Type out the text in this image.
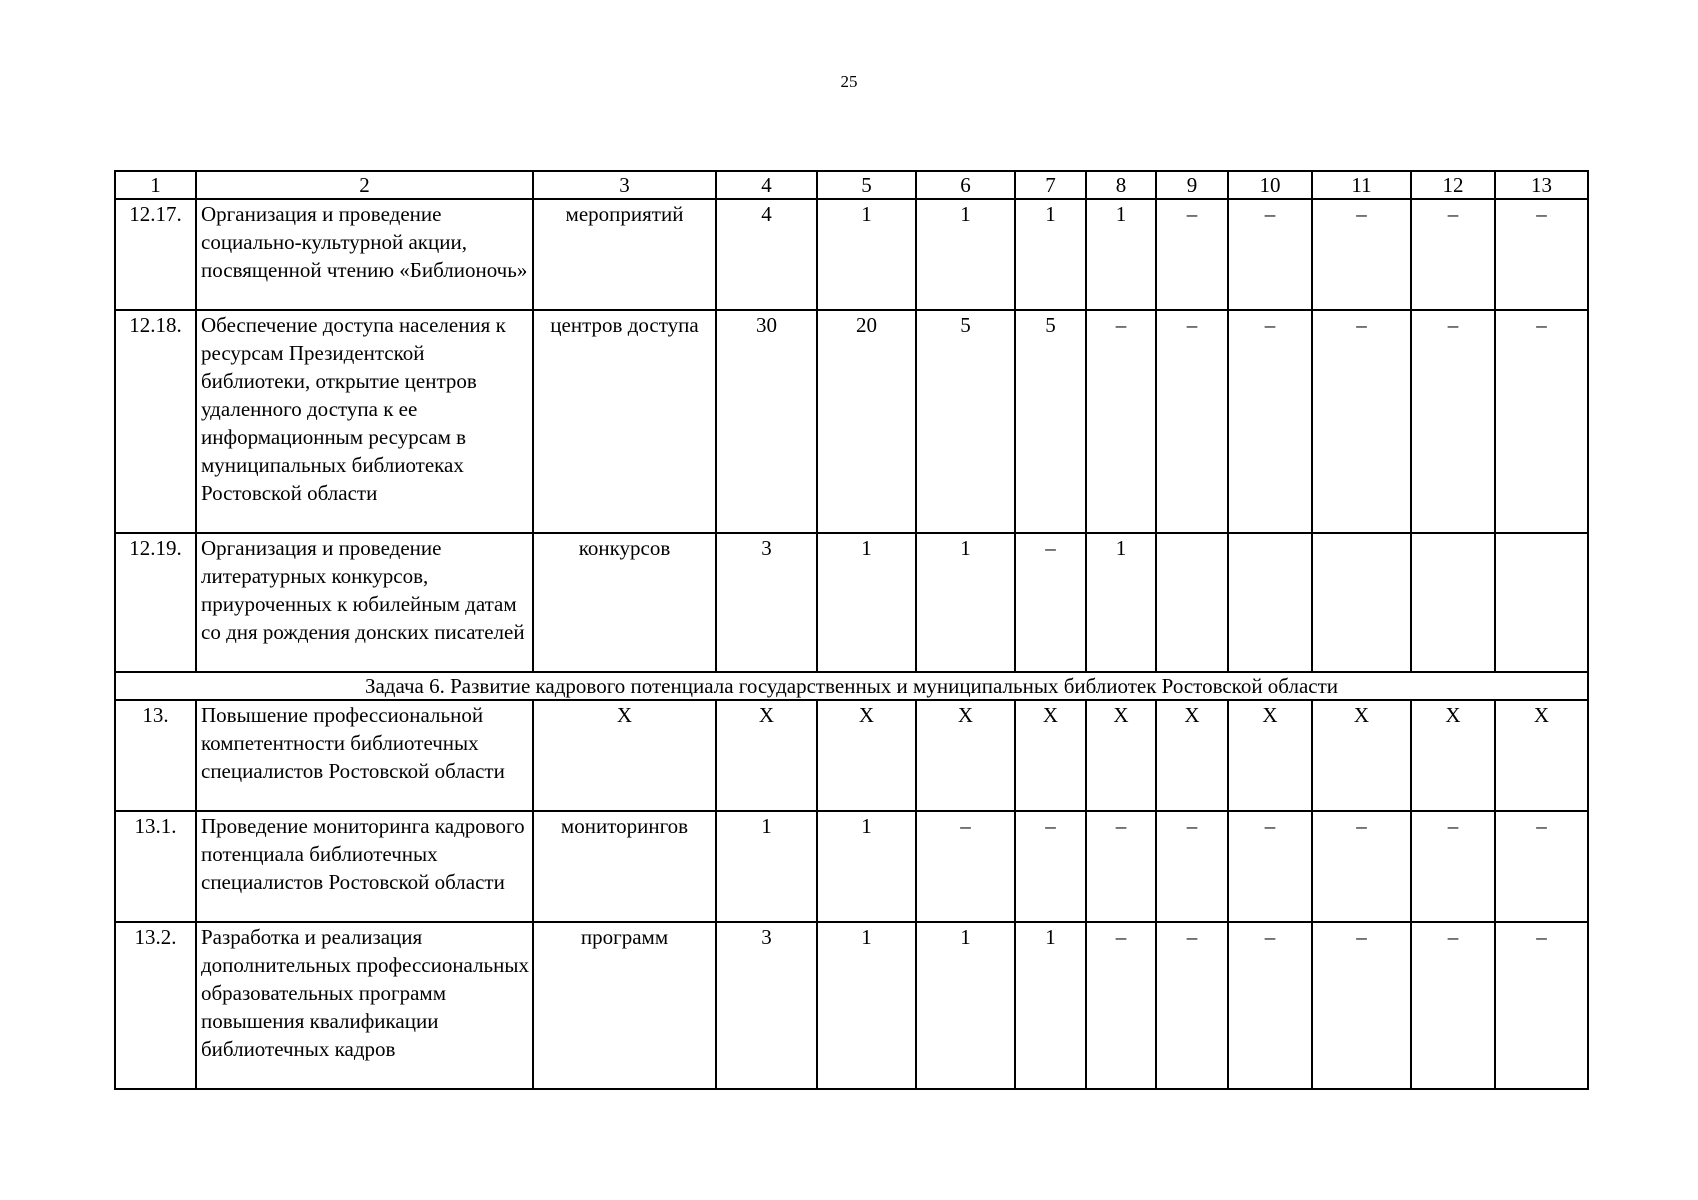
25
1	2	3	4	5	6	7	8	9	10	11	12	13
12.17.	Организация и проведение социально-культурной акции, посвященной чтению «Библионочь»	мероприятий	4	1	1	1	1	–	–	–	–	–
12.18.	Обеспечение доступа населения к ресурсам Президентской библиотеки, открытие центров удаленного доступа к ее информационным ресурсам в муниципальных библиотеках Ростовской области	центров доступа	30	20	5	5	–	–	–	–	–	–
12.19.	Организация и проведение литературных конкурсов, приуроченных к юбилейным датам со дня рождения донских писателей	конкурсов	3	1	1	–	1					
Задача 6. Развитие кадрового потенциала государственных и муниципальных библиотек Ростовской области												
13.	Повышение профессиональной компетентности библиотечных специалистов Ростовской области	Х	Х	Х	Х	Х	Х	Х	Х	Х	Х	Х
13.1.	Проведение мониторинга кадрового потенциала библиотечных специалистов Ростовской области	мониторингов	1	1	–	–	–	–	–	–	–	–
13.2.	Разработка и реализация дополнительных профессиональных образовательных программ повышения квалификации библиотечных кадров	программ	3	1	1	1	–	–	–	–	–	–
